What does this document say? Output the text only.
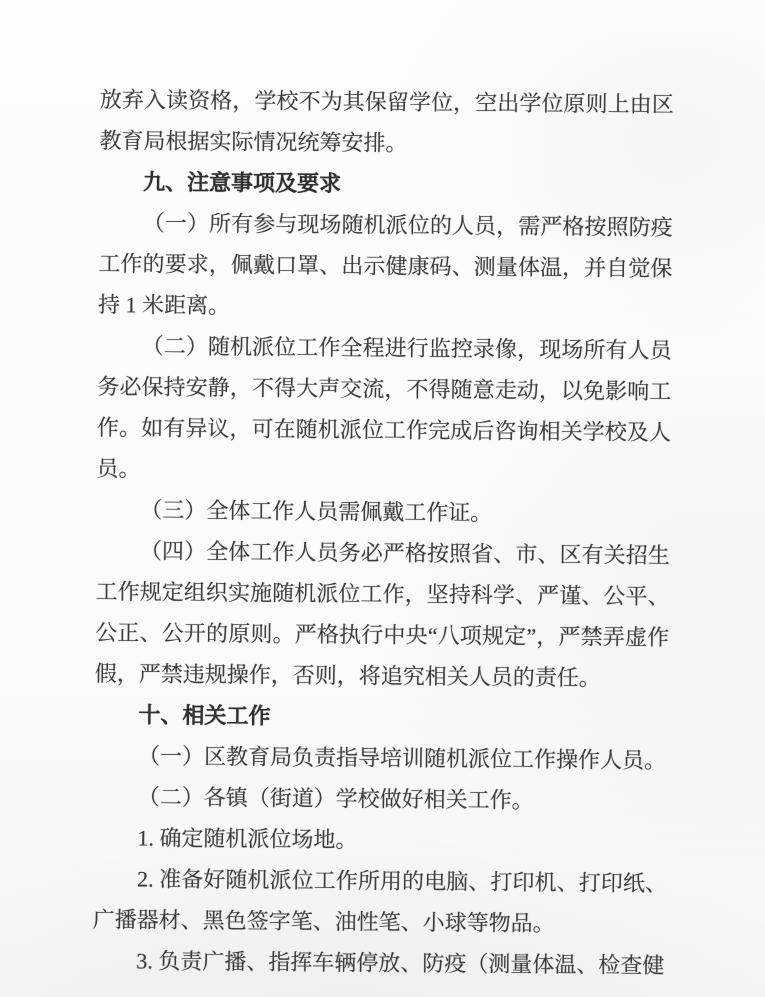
放弃入读资格，学校不为其保留学位，空出学位原则上由区教育局根据实际情况统筹安排。

九、注意事项及要求

（一）所有参与现场随机派位的人员，需严格按照防疫工作的要求，佩戴口罩、出示健康码、测量体温，并自觉保持 1 米距离。

（二）随机派位工作全程进行监控录像，现场所有人员务必保持安静，不得大声交流，不得随意走动，以免影响工作。如有异议，可在随机派位工作完成后咨询相关学校及人员。

（三）全体工作人员需佩戴工作证。

（四）全体工作人员务必严格按照省、市、区有关招生工作规定组织实施随机派位工作，坚持科学、严谨、公平、公正、公开的原则。严格执行中央“八项规定”，严禁弄虚作假，严禁违规操作，否则，将追究相关人员的责任。

十、相关工作

（一）区教育局负责指导培训随机派位工作操作人员。

（二）各镇（街道）学校做好相关工作。

1. 确定随机派位场地。

2. 准备好随机派位工作所用的电脑、打印机、打印纸、广播器材、黑色签字笔、油性笔、小球等物品。

3. 负责广播、指挥车辆停放、防疫（测量体温、检查健
